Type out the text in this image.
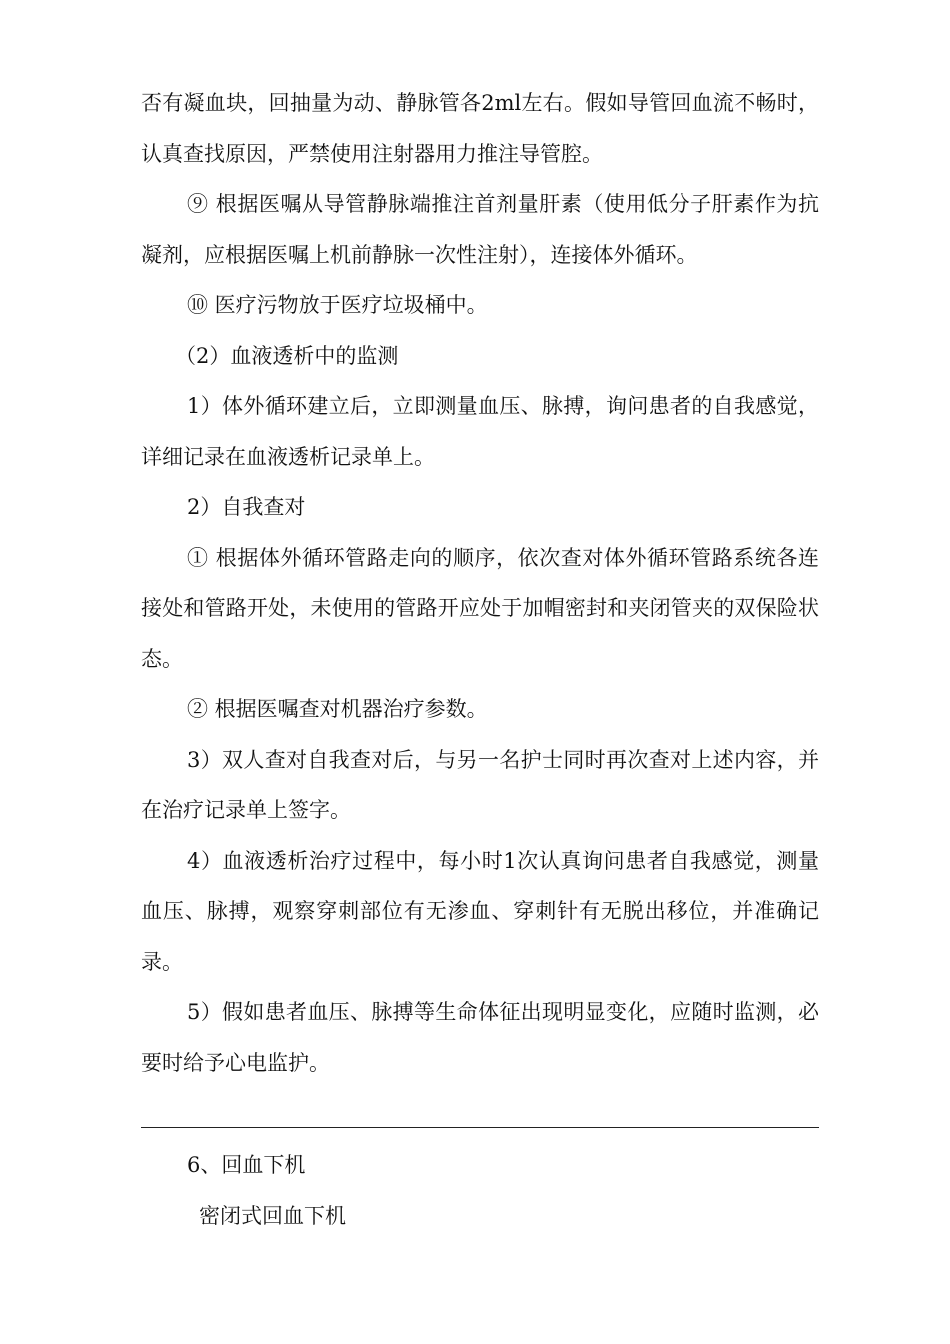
否有凝血块，回抽量为动、静脉管各2ml左右。假如导管回血流不畅时，认真查找原因，严禁使用注射器用力推注导管腔。

⑨ 根据医嘱从导管静脉端推注首剂量肝素（使用低分子肝素作为抗凝剂，应根据医嘱上机前静脉一次性注射），连接体外循环。

⑩ 医疗污物放于医疗垃圾桶中。

（2）血液透析中的监测

1）体外循环建立后，立即测量血压、脉搏，询问患者的自我感觉，详细记录在血液透析记录单上。

2）自我查对

① 根据体外循环管路走向的顺序，依次查对体外循环管路系统各连接处和管路开处，未使用的管路开应处于加帽密封和夹闭管夹的双保险状态。

② 根据医嘱查对机器治疗参数。

3）双人查对自我查对后，与另一名护士同时再次查对上述内容，并在治疗记录单上签字。

4）血液透析治疗过程中，每小时1次认真询问患者自我感觉，测量血压、脉搏，观察穿刺部位有无渗血、穿刺针有无脱出移位，并准确记录。

5）假如患者血压、脉搏等生命体征出现明显变化，应随时监测，必要时给予心电监护。

6、回血下机

密闭式回血下机
